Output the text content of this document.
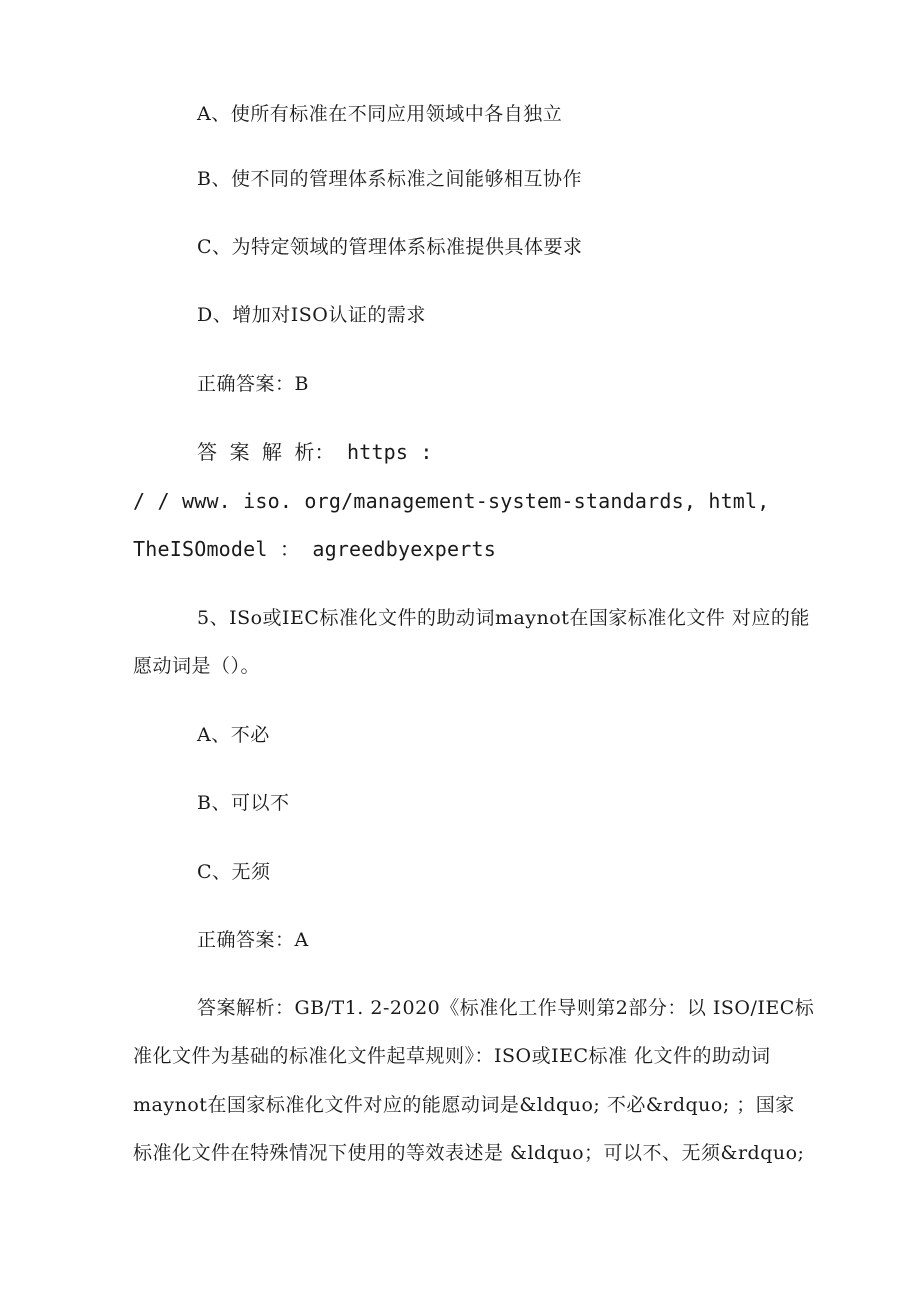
A、使所有标准在不同应用领域中各自独立
B、使不同的管理体系标准之间能够相互协作
C、为特定领域的管理体系标准提供具体要求
D、增加对ISO认证的需求
正确答案：B
答 案 解 析： https :
/ / www. iso. org/management-system-standards, html,
TheISOmodel ： agreedbyexperts
5、ISo或IEC标准化文件的助动词maynot在国家标准化文件 对应的能
愿动词是（）。
A、不必
B、可以不
C、无须
正确答案：A
答案解析：GB/T1. 2-2020《标准化工作导则第2部分：以 ISO/IEC标
准化文件为基础的标准化文件起草规则》：ISO或IEC标准 化文件的助动词
maynot在国家标准化文件对应的能愿动词是&ldquo; 不必&rdquo; ；国家
标准化文件在特殊情况下使用的等效表述是 &ldquo；可以不、无须&rdquo;
